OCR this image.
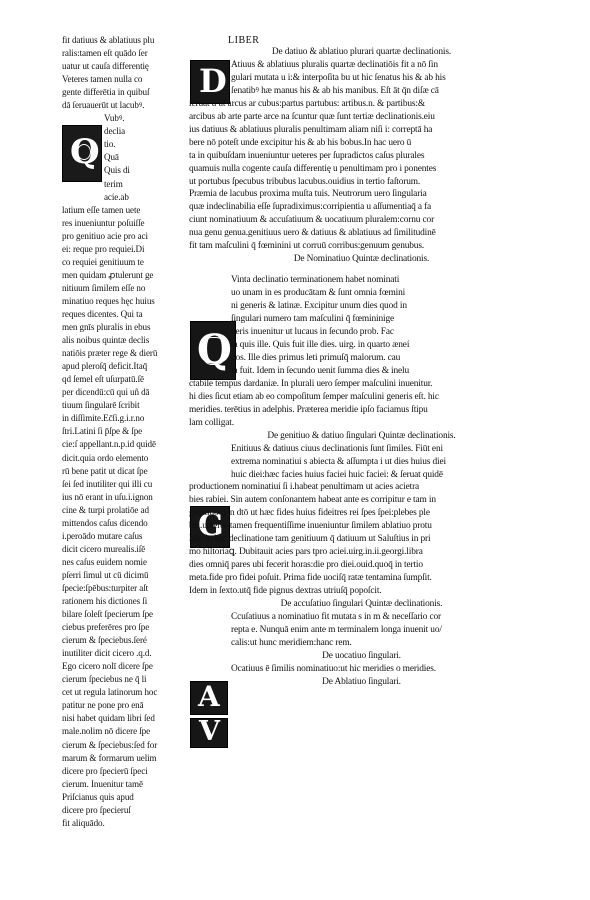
LIBER
Q
fit datiuus & ablatiuus plu
ralis:tamen eſt quādo ſer
uatur ut cauſa differentię
Veteres tamen nulla co
gente differētia in quibuſ
dā ſeruauerūt ut lacubꝰ.
Vubꝰ.
declia
tio.
Quā
Quis di
terim
acie.ab
latium eſſe tamen uete
res inueniuntur poſuiſſe
pro genitiuo acie pro aci
ei: reque pro requiei.Di
co requiei genitiuum te
men quidam ꝓtulerunt ge
nitiuum ſimilem eſſe no
minatiuo reques hęc huius
reques dicentes. Qui ta
men gnīs pluralis in ebus
alis noibus quintæ declis
natiōis præter rege & dierū
apud pleroſq̄ deficit.Itaq̄
qd ſemel eſt uſurpatū.ſē
per dicendū:cū qui uñ dā
tiuum ſingularē ſcribit
in diſſimite.Ec̄ſi.g.i.r.no
ſtri.Latini ſi p̄ſpe & ſpe
cie:ſ appellant.n.p.id quidē
dicit.quia ordo elemento
rū bene patit ut dicat ſpe
ſei ſed inutiliter qui illi cu
ius nō erant in uſu.i.ignon
cine & turpi prolatiōe ad
mittendos caſus dicendo
i.peroādo mutare caſus
dicit cicero murealis.iſē
nes caſus euidem nomie
pſerri ſimul ut cū dicimū
ſpecie:ſpēbus:turpiter aſt
rationem his dictiones ſi
bilare ſoleſt ſpecierum ſpe
ciebus preferēres pro ſpe
cierum & ſpeciebus.ſeré
inutiliter dicit cicero .q.d.
Ego cicero nolī dicere ſpe
cierum ſpeciebus ne q̄ li
cet ut regula latinorum hoc
patitur ne pone pro enā
nisi habet quidam libri ſed
male.nolim nō dicere ſpe
cierum & ſpeciebus:ſed for
marum & formarum uelim
dicere pro ſpecierū ſpeci
cierum. Inuenitur tamē
Priſcianus quis apud
dicere pro ſpecieruſ
fit aliquādo.
D
Q
G
A
V
De datiuo & ablatiuo plurari quartæ declinationis.
Atiuus & ablatiuus pluralis quartæ declinatiōis fit a nō ſin
gulari mutata u i:& interpoſita bu ut hic ſenatus his & ab his
ſenatibꝰ hæ manus his & ab his manibus. Eſt āt q̄n diſæ cā
ſeruat u ut arcus ar cubus:partus partubus: artibus.n. & partibus:&
arcibus ab arte parte arce na ſcuntur quæ ſunt tertiæ declinationis.eiu
ius datiuus & ablatiuus pluralis penultimam aliam niſi i: correptā ha
bere nō poteſt unde excipitur his & ab his bobus.In hac uero ū
ta in quibuſdam inueniuntur ueteres per ſupradictos caſus plurales
quamuis nulla cogente cauſa differentię u penultimam pro i ponentes
ut portubus ſpecubus tribubus lacubus.ouidius in tertio faſtorum.
Præmia de lacubus proxima muſta tuis. Neutrorum uero ſingularia
quæ indeclinabilia eſſe ſupradiximus:corripientia u aſſumentiaq̄ a fa
ciunt nominatiuum & accuſatiuum & uocatiuum pluralem:cornu cor
nua genu genua.genitiuus uero & datiuus & ablatiuus ad ſimilitudinē
fit tam maſculini q̄ fœminini ut corruū corribus:genuum genubus.
De Nominatiuo Quintæ declinationis.
Vinta declinatio terminationem habet nominati
uo unam in es producātam & ſunt omnia fœmini
ni generis & latinæ. Excipitur unum dies quod in
ſingulari numero tam maſculini q̄ fœmininige
neris inuenitur ut lucaus in ſecundo prob. Fac
ta quis ille. Quis fuit ille dies. uirg. in quarto æneí
dos. Ille dies primus leti primuſq̄ malorum. cau
ſa fuit. Idem in ſecundo uenit ſumma dies & inelu
ctabile tempus dardaniæ. In plurali uero ſemper maſculini inuenitur.
hi dies ſicut etiam ab eo compoſitum ſemper maſculini generis eſt. hic
meridies. terētius in adelphis. Præterea meridie ipſo faciamus ſtipu
lam colligat.
De genitiuo & datiuo ſingulari Quintæ declinationis.
Enitiuus & datiuus ciuus declinationis ſunt ſimiles. Fiūt eni
extrema nominatiui s abiecta & aſſumpta i ut dies huius diei
huic diei:hæc facies huius faciei huic faciei: & ſeruat quidē
productionem nominatiui ſi i.habeat penultimam ut acies acietra
bies rabiei. Sin autem conſonantem habeat ante es corripitur e tam in
genitiuo q̄ in dtō ut hæc fides huius fideitres rei ſpes ſpei:plebes ple
bei.ucteres tamen frequentiſſime inueniuntur ſimilem ablatiuo protu
liſſe in hac declinatione tam genitiuum q̄ datiuum ut Saluſtius in pri
mo hiſtoriaꝗ. Dubitauit acies pars tpro aciei.uirg.in.ii.georgi.libra
dies omniq̄ pares ubi fecerit horas:die pro diei.ouid.quoq̄ in tertio
meta.fide pro fidei poſuit. Prima fide uociſq̄ ratæ tentamina ſumpſit.
Idem in ſexto.utq̄ fide pignus dextras utriuſq̄ popoſcit.
De accuſatiuo ſingulari Quintæ declinationis.
Ccuſatiuus a nominatiuo fit mutata s in m & neceſſario cor
repta e. Nunquā enim ante m terminalem longa inuenit uo/
calis:ut hunc meridiem:hanc rem.
De uocatiuo ſingulari.
Ocatiuus ē ſimilis nominatiuo:ut hic meridies o meridies.
De Ablatiuo ſingulari.
